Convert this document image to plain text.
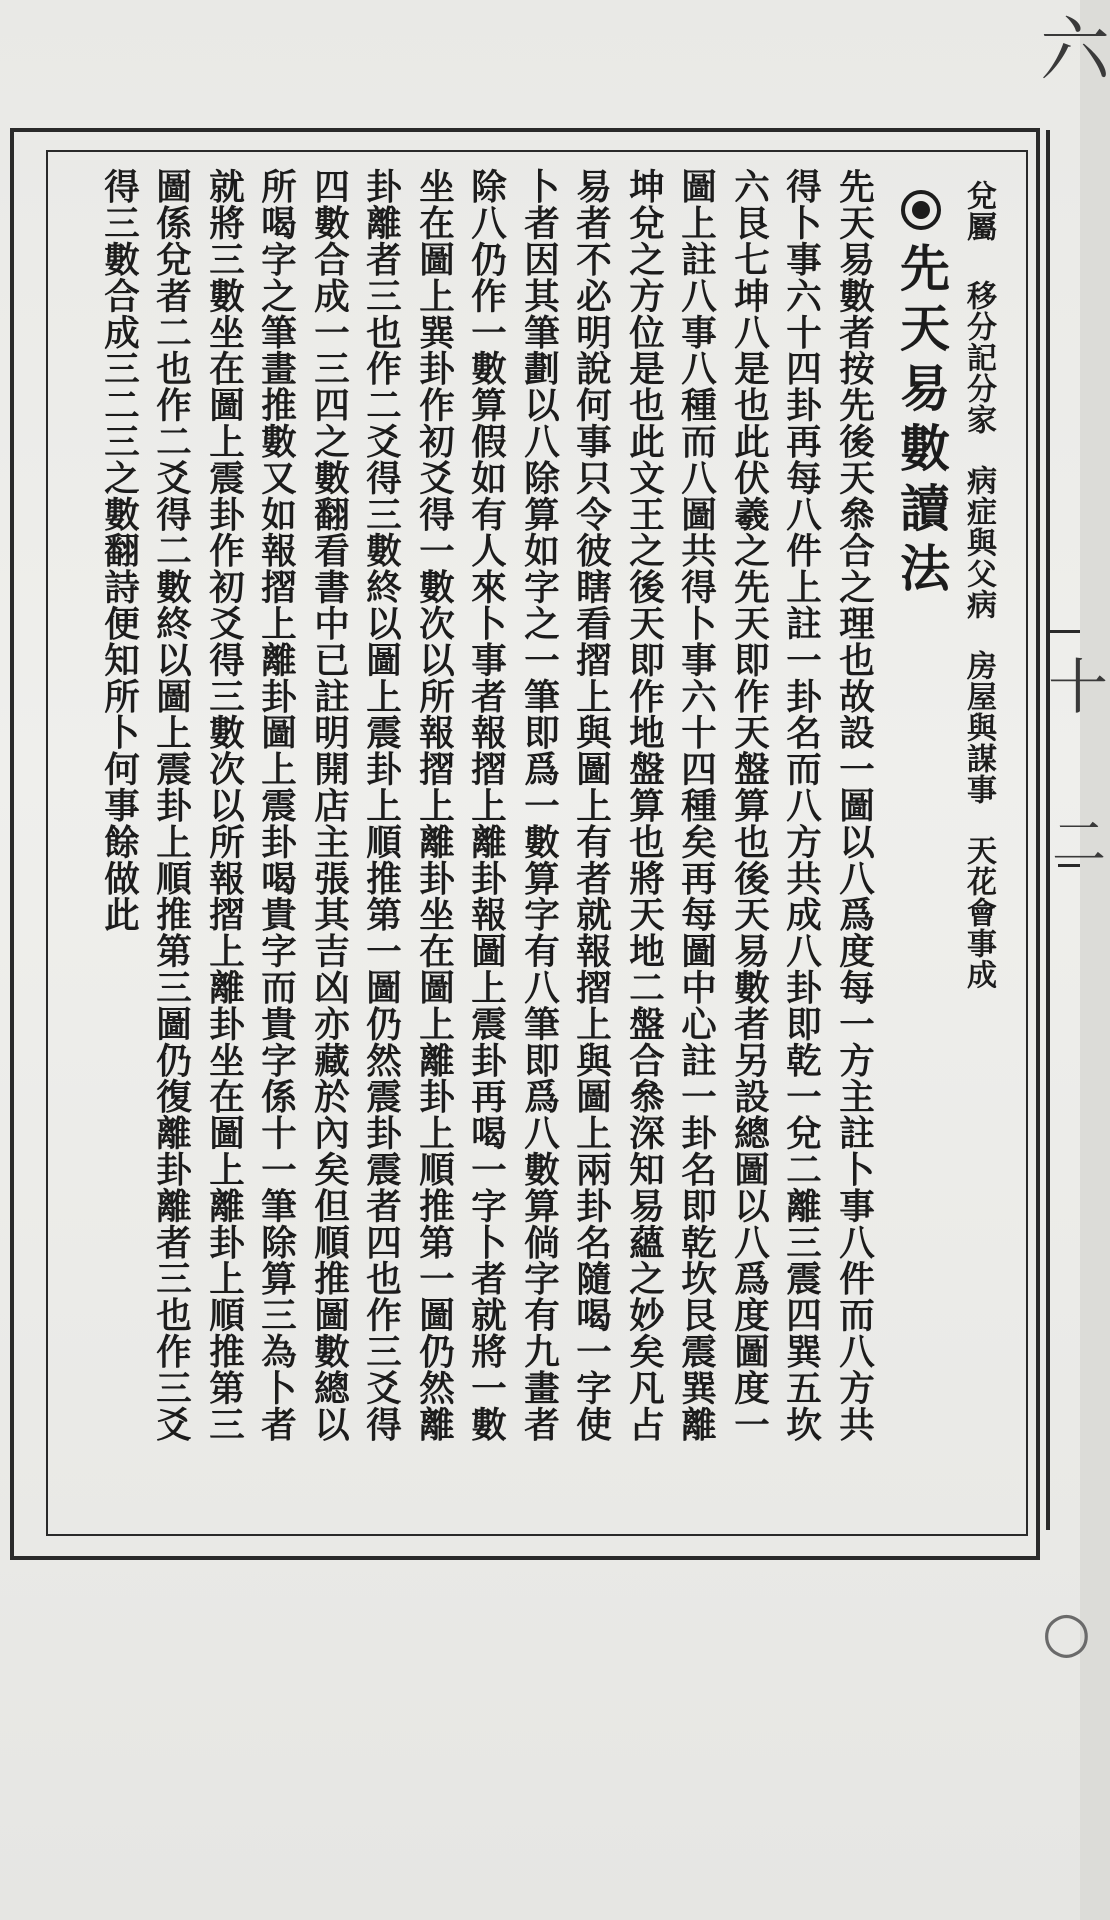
六
十
二
○
兌屬移分記分家病症與父病房屋與謀事天花會事成
先天易數讀法
先天易數者按先後天叅合之理也故設一圖以八爲度每一方主註卜事八件而八方共
得卜事六十四卦再每八件上註一卦名而八方共成八卦即乾一兌二離三震四巽五坎
六艮七坤八是也此伏羲之先天即作天盤算也後天易數者另設總圖以八爲度圖度一
圖上註八事八種而八圖共得卜事六十四種矣再每圖中心註一卦名即乾坎艮震巽離
坤兌之方位是也此文王之後天即作地盤算也將天地二盤合叅深知易蘊之妙矣凡占
易者不必明說何事只令彼瞎看摺上與圖上有者就報摺上與圖上兩卦名隨喝一字使
卜者因其筆劃以八除算如字之一筆即爲一數算字有八筆即爲八數算倘字有九畫者
除八仍作一數算假如有人來卜事者報摺上離卦報圖上震卦再喝一字卜者就將一數
坐在圖上巽卦作初爻得一數次以所報摺上離卦坐在圖上離卦上順推第一圖仍然離
卦離者三也作二爻得三數終以圖上震卦上順推第一圖仍然震卦震者四也作三爻得
四數合成一三四之數翻看書中已註明開店主張其吉凶亦藏於內矣但順推圖數總以
所喝字之筆畫推數又如報摺上離卦圖上震卦喝貴字而貴字係十一筆除算三為卜者
就將三數坐在圖上震卦作初爻得三數次以所報摺上離卦坐在圖上離卦上順推第三
圖係兌者二也作二爻得二數終以圖上震卦上順推第三圖仍復離卦離者三也作三爻
得三數合成三二三之數翻詩便知所卜何事餘做此
